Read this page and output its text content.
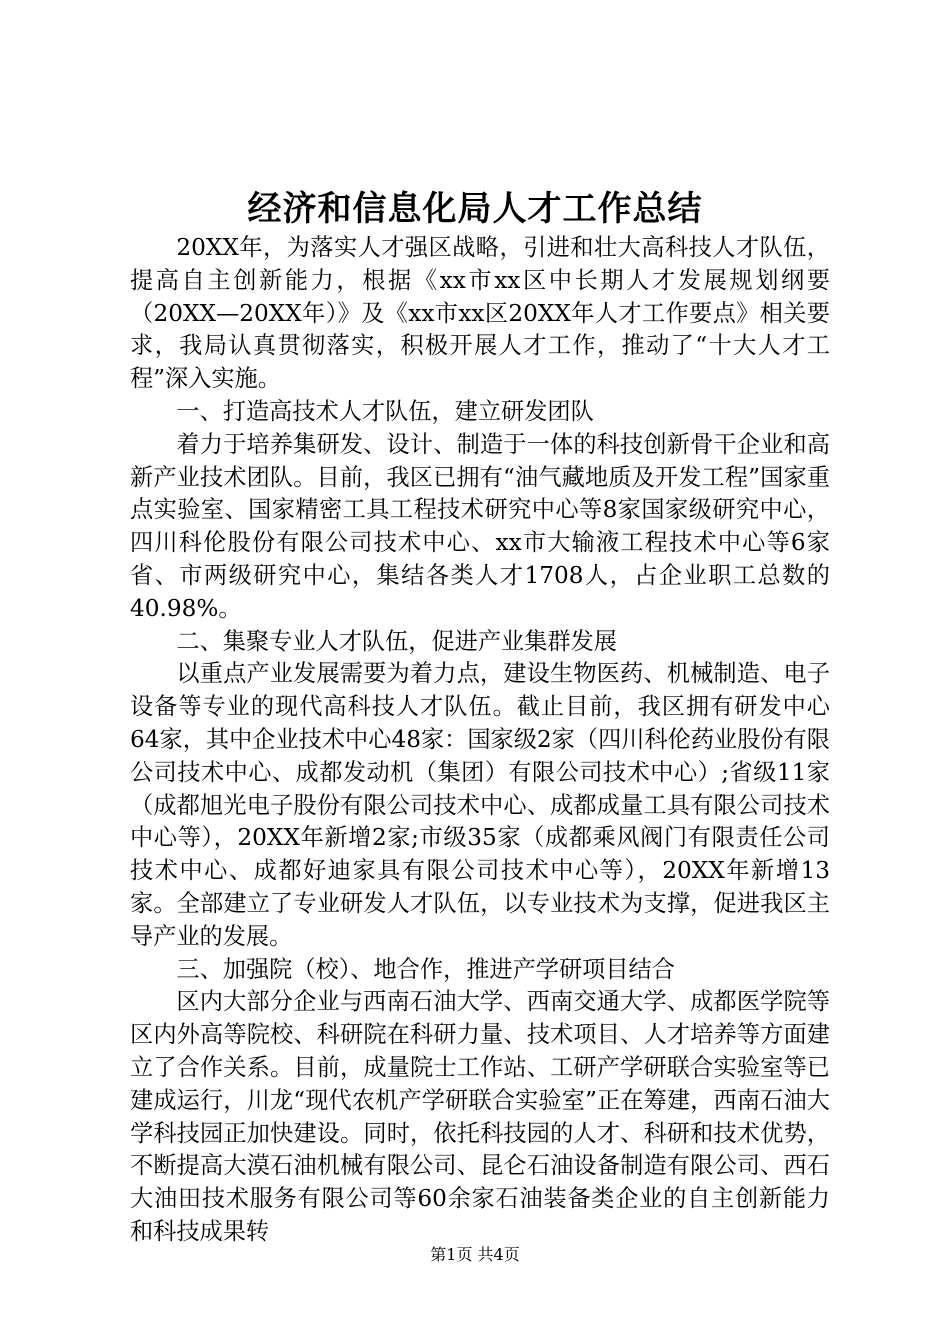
经济和信息化局人才工作总结

20XX年，为落实人才强区战略，引进和壮大高科技人才队伍，提高自主创新能力，根据《xx市xx区中长期人才发展规划纲要（20XX—20XX年）》及《xx市xx区20XX年人才工作要点》相关要求，我局认真贯彻落实，积极开展人才工作，推动了“十大人才工程”深入实施。

一、打造高技术人才队伍，建立研发团队

着力于培养集研发、设计、制造于一体的科技创新骨干企业和高新产业技术团队。目前，我区已拥有“油气藏地质及开发工程”国家重点实验室、国家精密工具工程技术研究中心等8家国家级研究中心，四川科伦股份有限公司技术中心、xx市大输液工程技术中心等6家省、市两级研究中心，集结各类人才1708人，占企业职工总数的40.98%。

二、集聚专业人才队伍，促进产业集群发展

以重点产业发展需要为着力点，建设生物医药、机械制造、电子设备等专业的现代高科技人才队伍。截止目前，我区拥有研发中心64家，其中企业技术中心48家：国家级2家（四川科伦药业股份有限公司技术中心、成都发动机（集团）有限公司技术中心）;省级11家（成都旭光电子股份有限公司技术中心、成都成量工具有限公司技术中心等），20XX年新增2家;市级35家（成都乘风阀门有限责任公司技术中心、成都好迪家具有限公司技术中心等），20XX年新增13家。全部建立了专业研发人才队伍，以专业技术为支撑，促进我区主导产业的发展。

三、加强院（校）、地合作，推进产学研项目结合

区内大部分企业与西南石油大学、西南交通大学、成都医学院等区内外高等院校、科研院在科研力量、技术项目、人才培养等方面建立了合作关系。目前，成量院士工作站、工研产学研联合实验室等已建成运行，川龙“现代农机产学研联合实验室”正在筹建，西南石油大学科技园正加快建设。同时，依托科技园的人才、科研和技术优势，不断提高大漠石油机械有限公司、昆仑石油设备制造有限公司、西石大油田技术服务有限公司等60余家石油装备类企业的自主创新能力和科技成果转

第1页 共4页
